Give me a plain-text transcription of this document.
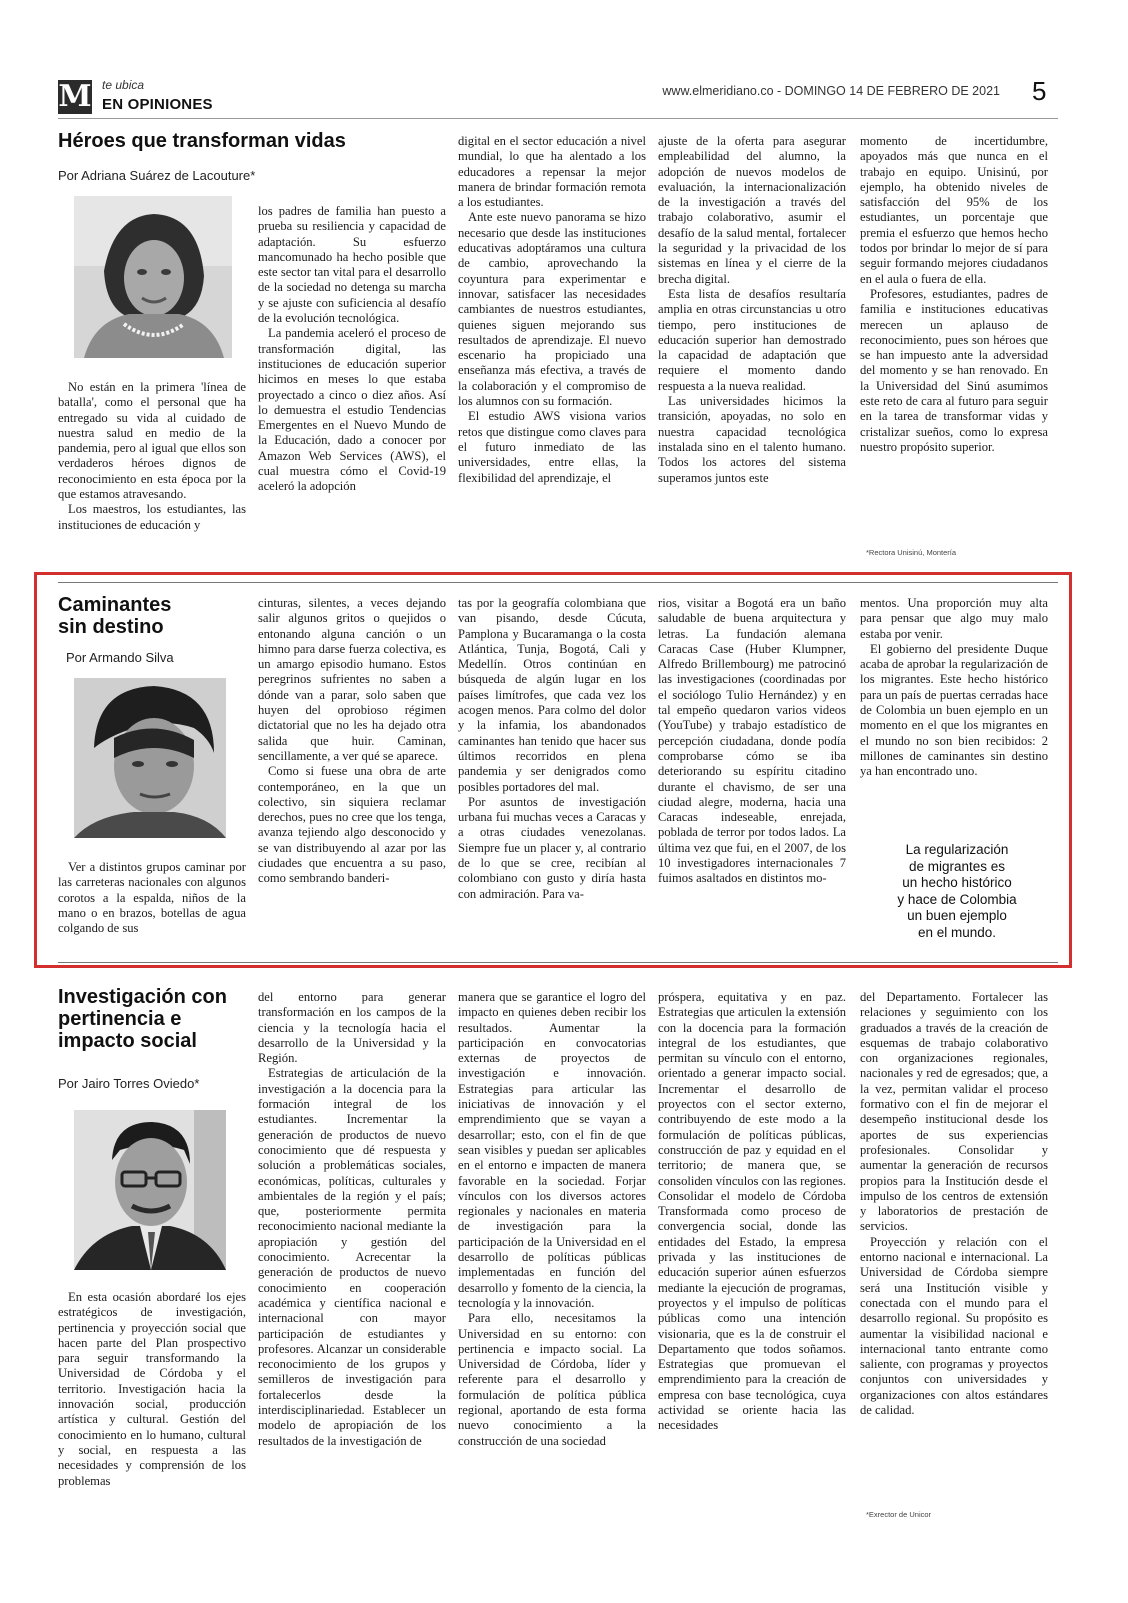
M te ubica
EN OPINIONES
www.elmeridiano.co - DOMINGO 14 DE FEBRERO DE 2021 5
Héroes que transforman vidas
Por Adriana Suárez de Lacouture*

No están en la primera 'línea de batalla', como el personal que ha entregado su vida al cuidado de nuestra salud en medio de la pandemia, pero al igual que ellos son verdaderos héroes dignos de reconocimiento en esta época por la que estamos atravesando.

Los maestros, los estudiantes, las instituciones de educación y

los padres de familia han puesto a prueba su resiliencia y capacidad de adaptación. Su esfuerzo mancomunado ha hecho posible que este sector tan vital para el desarrollo de la sociedad no detenga su marcha y se ajuste con suficiencia al desafío de la evolución tecnológica.

La pandemia aceleró el proceso de transformación digital, las instituciones de educación superior hicimos en meses lo que estaba proyectado a cinco o diez años. Así lo demuestra el estudio Tendencias Emergentes en el Nuevo Mundo de la Educación, dado a conocer por Amazon Web Services (AWS), el cual muestra cómo el Covid-19 aceleró la adopción

digital en el sector educación a nivel mundial, lo que ha alentado a los educadores a repensar la mejor manera de brindar formación remota a los estudiantes.

Ante este nuevo panorama se hizo necesario que desde las instituciones educativas adoptáramos una cultura de cambio, aprovechando la coyuntura para experimentar e innovar, satisfacer las necesidades cambiantes de nuestros estudiantes, quienes siguen mejorando sus resultados de aprendizaje. El nuevo escenario ha propiciado una enseñanza más efectiva, a través de la colaboración y el compromiso de los alumnos con su formación.

El estudio AWS visiona varios retos que distingue como claves para el futuro inmediato de las universidades, entre ellas, la flexibilidad del aprendizaje, el

ajuste de la oferta para asegurar empleabilidad del alumno, la adopción de nuevos modelos de evaluación, la internacionalización de la investigación a través del trabajo colaborativo, asumir el desafío de la salud mental, fortalecer la seguridad y la privacidad de los sistemas en línea y el cierre de la brecha digital.

Esta lista de desafíos resultaría amplia en otras circunstancias u otro tiempo, pero instituciones de educación superior han demostrado la capacidad de adaptación que requiere el momento dando respuesta a la nueva realidad.

Las universidades hicimos la transición, apoyadas, no solo en nuestra capacidad tecnológica instalada sino en el talento humano. Todos los actores del sistema superamos juntos este

momento de incertidumbre, apoyados más que nunca en el trabajo en equipo. Unisinú, por ejemplo, ha obtenido niveles de satisfacción del 95% de los estudiantes, un porcentaje que premia el esfuerzo que hemos hecho todos por brindar lo mejor de sí para seguir formando mejores ciudadanos en el aula o fuera de ella.

Profesores, estudiantes, padres de familia e instituciones educativas merecen un aplauso de reconocimiento, pues son héroes que se han impuesto ante la adversidad del momento y se han renovado. En la Universidad del Sinú asumimos este reto de cara al futuro para seguir en la tarea de transformar vidas y cristalizar sueños, como lo expresa nuestro propósito superior.

*Rectora Unisinú, Montería
Caminantes
sin destino
Por Armando Silva

Ver a distintos grupos caminar por las carreteras nacionales con algunos corotos a la espalda, niños de la mano o en brazos, botellas de agua colgando de sus

cinturas, silentes, a veces dejando salir algunos gritos o quejidos o entonando alguna canción o un himno para darse fuerza colectiva, es un amargo episodio humano. Estos peregrinos sufrientes no saben a dónde van a parar, solo saben que huyen del oprobioso régimen dictatorial que no les ha dejado otra salida que huir. Caminan, sencillamente, a ver qué se aparece.

Como si fuese una obra de arte contemporáneo, en la que un colectivo, sin siquiera reclamar derechos, pues no cree que los tenga, avanza tejiendo algo desconocido y se van distribuyendo al azar por las ciudades que encuentra a su paso, como sembrando banderi-

tas por la geografía colombiana que van pisando, desde Cúcuta, Pamplona y Bucaramanga o la costa Atlántica, Tunja, Bogotá, Cali y Medellín. Otros continúan en búsqueda de algún lugar en los países limítrofes, que cada vez los acogen menos. Para colmo del dolor y la infamia, los abandonados caminantes han tenido que hacer sus últimos recorridos en plena pandemia y ser denigrados como posibles portadores del mal.

Por asuntos de investigación urbana fui muchas veces a Caracas y a otras ciudades venezolanas. Siempre fue un placer y, al contrario de lo que se cree, recibían al colombiano con gusto y diría hasta con admiración. Para va-

rios, visitar a Bogotá era un baño saludable de buena arquitectura y letras. La fundación alemana Caracas Case (Huber Klumpner, Alfredo Brillembourg) me patrocinó las investigaciones (coordinadas por el sociólogo Tulio Hernández) y en tal empeño quedaron varios videos (YouTube) y trabajo estadístico de percepción ciudadana, donde podía comprobarse cómo se iba deteriorando su espíritu citadino durante el chavismo, de ser una ciudad alegre, moderna, hacia una Caracas indeseable, enrejada, poblada de terror por todos lados. La última vez que fui, en el 2007, de los 10 investigadores internacionales 7 fuimos asaltados en distintos mo-

mentos. Una proporción muy alta para pensar que algo muy malo estaba por venir.

El gobierno del presidente Duque acaba de aprobar la regularización de los migrantes. Este hecho histórico para un país de puertas cerradas hace de Colombia un buen ejemplo en un momento en el que los migrantes en el mundo no son bien recibidos: 2 millones de caminantes sin destino ya han encontrado uno.

La regularización
de migrantes es
un hecho histórico
y hace de Colombia
un buen ejemplo
en el mundo.
Investigación con
pertinencia e
impacto social
Por Jairo Torres Oviedo*

En esta ocasión abordaré los ejes estratégicos de investigación, pertinencia y proyección social que hacen parte del Plan prospectivo para seguir transformando la Universidad de Córdoba y el territorio. Investigación hacia la innovación social, producción artística y cultural. Gestión del conocimiento en lo humano, cultural y social, en respuesta a las necesidades y comprensión de los problemas

del entorno para generar transformación en los campos de la ciencia y la tecnología hacia el desarrollo de la Universidad y la Región.

Estrategias de articulación de la investigación a la docencia para la formación integral de los estudiantes. Incrementar la generación de productos de nuevo conocimiento que dé respuesta y solución a problemáticas sociales, económicas, políticas, culturales y ambientales de la región y el país; que, posteriormente permita reconocimiento nacional mediante la apropiación y gestión del conocimiento. Acrecentar la generación de productos de nuevo conocimiento en cooperación académica y científica nacional e internacional con mayor participación de estudiantes y profesores. Alcanzar un considerable reconocimiento de los grupos y semilleros de investigación para fortalecerlos desde la interdisciplinariedad. Establecer un modelo de apropiación de los resultados de la investigación de

manera que se garantice el logro del impacto en quienes deben recibir los resultados. Aumentar la participación en convocatorias externas de proyectos de investigación e innovación. Estrategias para articular las iniciativas de innovación y el emprendimiento que se vayan a desarrollar; esto, con el fin de que sean visibles y puedan ser aplicables en el entorno e impacten de manera favorable en la sociedad. Forjar vínculos con los diversos actores regionales y nacionales en materia de investigación para la participación de la Universidad en el desarrollo de políticas públicas implementadas en función del desarrollo y fomento de la ciencia, la tecnología y la innovación.

Para ello, necesitamos la Universidad en su entorno: con pertinencia e impacto social. La Universidad de Córdoba, líder y referente para el desarrollo y formulación de política pública regional, aportando de esta forma nuevo conocimiento a la construcción de una sociedad

próspera, equitativa y en paz. Estrategias que articulen la extensión con la docencia para la formación integral de los estudiantes, que permitan su vínculo con el entorno, orientado a generar impacto social. Incrementar el desarrollo de proyectos con el sector externo, contribuyendo de este modo a la formulación de políticas públicas, construcción de paz y equidad en el territorio; de manera que, se consoliden vínculos con las regiones. Consolidar el modelo de Córdoba Transformada como proceso de convergencia social, donde las entidades del Estado, la empresa privada y las instituciones de educación superior aúnen esfuerzos mediante la ejecución de programas, proyectos y el impulso de políticas públicas como una intención visionaria, que es la de construir el Departamento que todos soñamos. Estrategias que promuevan el emprendimiento para la creación de empresa con base tecnológica, cuya actividad se oriente hacia las necesidades

del Departamento. Fortalecer las relaciones y seguimiento con los graduados a través de la creación de esquemas de trabajo colaborativo con organizaciones regionales, nacionales y red de egresados; que, a la vez, permitan validar el proceso formativo con el fin de mejorar el desempeño institucional desde los aportes de sus experiencias profesionales. Consolidar y aumentar la generación de recursos propios para la Institución desde el impulso de los centros de extensión y laboratorios de prestación de servicios.

Proyección y relación con el entorno nacional e internacional. La Universidad de Córdoba siempre será una Institución visible y conectada con el mundo para el desarrollo regional. Su propósito es aumentar la visibilidad nacional e internacional tanto entrante como saliente, con programas y proyectos conjuntos con universidades y organizaciones con altos estándares de calidad.

*Exrector de Unicor
